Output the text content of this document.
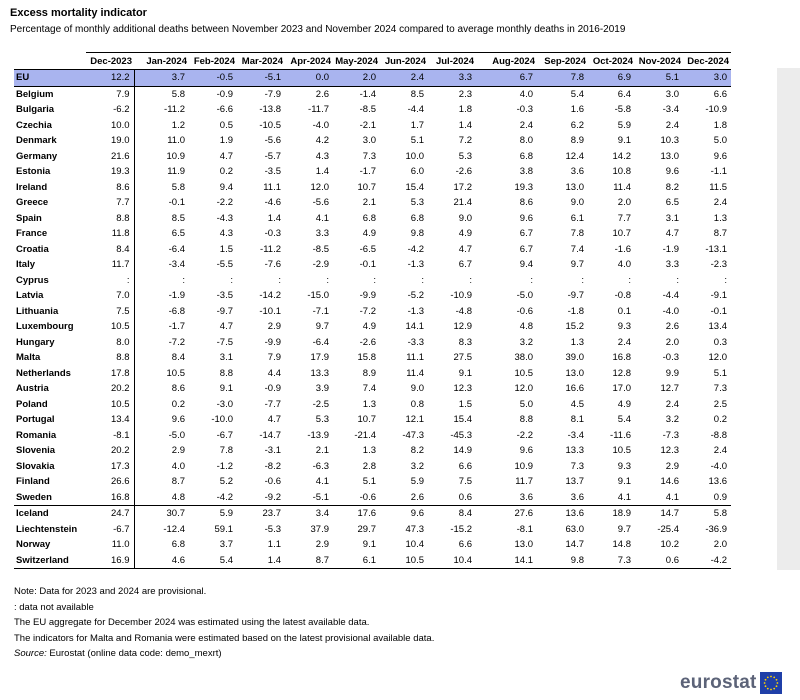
Excess mortality indicator
Percentage of monthly additional deaths between November 2023 and November 2024 compared to average monthly deaths in 2016-2019
	Dec-2023	Jan-2024	Feb-2024	Mar-2024	Apr-2024	May-2024	Jun-2024	Jul-2024	Aug-2024	Sep-2024	Oct-2024	Nov-2024	Dec-2024
EU	12.2	3.7	-0.5	-5.1	0.0	2.0	2.4	3.3	6.7	7.8	6.9	5.1	3.0
Belgium	7.9	5.8	-0.9	-7.9	2.6	-1.4	8.5	2.3	4.0	5.4	6.4	3.0	6.6
Bulgaria	-6.2	-11.2	-6.6	-13.8	-11.7	-8.5	-4.4	1.8	-0.3	1.6	-5.8	-3.4	-10.9
Czechia	10.0	1.2	0.5	-10.5	-4.0	-2.1	1.7	1.4	2.4	6.2	5.9	2.4	1.8
Denmark	19.0	11.0	1.9	-5.6	4.2	3.0	5.1	7.2	8.0	8.9	9.1	10.3	5.0
Germany	21.6	10.9	4.7	-5.7	4.3	7.3	10.0	5.3	6.8	12.4	14.2	13.0	9.6
Estonia	19.3	11.9	0.2	-3.5	1.4	-1.7	6.0	-2.6	3.8	3.6	10.8	9.6	-1.1
Ireland	8.6	5.8	9.4	11.1	12.0	10.7	15.4	17.2	19.3	13.0	11.4	8.2	11.5
Greece	7.7	-0.1	-2.2	-4.6	-5.6	2.1	5.3	21.4	8.6	9.0	2.0	6.5	2.4
Spain	8.8	8.5	-4.3	1.4	4.1	6.8	6.8	9.0	9.6	6.1	7.7	3.1	1.3
France	11.8	6.5	4.3	-0.3	3.3	4.9	9.8	4.9	6.7	7.8	10.7	4.7	8.7
Croatia	8.4	-6.4	1.5	-11.2	-8.5	-6.5	-4.2	4.7	6.7	7.4	-1.6	-1.9	-13.1
Italy	11.7	-3.4	-5.5	-7.6	-2.9	-0.1	-1.3	6.7	9.4	9.7	4.0	3.3	-2.3
Cyprus	:	:	:	:	:	:	:	:	:	:	:	:	:
Latvia	7.0	-1.9	-3.5	-14.2	-15.0	-9.9	-5.2	-10.9	-5.0	-9.7	-0.8	-4.4	-9.1
Lithuania	7.5	-6.8	-9.7	-10.1	-7.1	-7.2	-1.3	-4.8	-0.6	-1.8	0.1	-4.0	-0.1
Luxembourg	10.5	-1.7	4.7	2.9	9.7	4.9	14.1	12.9	4.8	15.2	9.3	2.6	13.4
Hungary	8.0	-7.2	-7.5	-9.9	-6.4	-2.6	-3.3	8.3	3.2	1.3	2.4	2.0	0.3
Malta	8.8	8.4	3.1	7.9	17.9	15.8	11.1	27.5	38.0	39.0	16.8	-0.3	12.0
Netherlands	17.8	10.5	8.8	4.4	13.3	8.9	11.4	9.1	10.5	13.0	12.8	9.9	5.1
Austria	20.2	8.6	9.1	-0.9	3.9	7.4	9.0	12.3	12.0	16.6	17.0	12.7	7.3
Poland	10.5	0.2	-3.0	-7.7	-2.5	1.3	0.8	1.5	5.0	4.5	4.9	2.4	2.5
Portugal	13.4	9.6	-10.0	4.7	5.3	10.7	12.1	15.4	8.8	8.1	5.4	3.2	0.2
Romania	-8.1	-5.0	-6.7	-14.7	-13.9	-21.4	-47.3	-45.3	-2.2	-3.4	-11.6	-7.3	-8.8
Slovenia	20.2	2.9	7.8	-3.1	2.1	1.3	8.2	14.9	9.6	13.3	10.5	12.3	2.4
Slovakia	17.3	4.0	-1.2	-8.2	-6.3	2.8	3.2	6.6	10.9	7.3	9.3	2.9	-4.0
Finland	26.6	8.7	5.2	-0.6	4.1	5.1	5.9	7.5	11.7	13.7	9.1	14.6	13.6
Sweden	16.8	4.8	-4.2	-9.2	-5.1	-0.6	2.6	0.6	3.6	3.6	4.1	4.1	0.9
Iceland	24.7	30.7	5.9	23.7	3.4	17.6	9.6	8.4	27.6	13.6	18.9	14.7	5.8
Liechtenstein	-6.7	-12.4	59.1	-5.3	37.9	29.7	47.3	-15.2	-8.1	63.0	9.7	-25.4	-36.9
Norway	11.0	6.8	3.7	1.1	2.9	9.1	10.4	6.6	13.0	14.7	14.8	10.2	2.0
Switzerland	16.9	4.6	5.4	1.4	8.7	6.1	10.5	10.4	14.1	9.8	7.3	0.6	-4.2
Note: Data for 2023 and 2024 are provisional.
: data not available
The EU aggregate for December 2024 was estimated using the latest available data.
The indicators for Malta and Romania were estimated based on the latest provisional available data.
Source: Eurostat (online data code: demo_mexrt)
eurostat
